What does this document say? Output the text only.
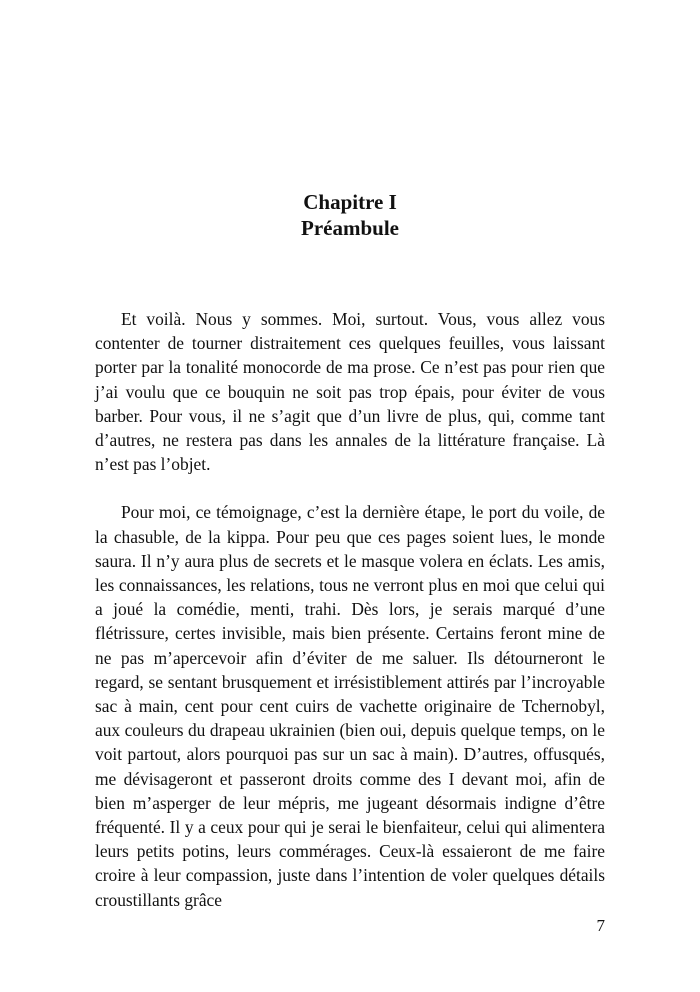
Chapitre I
Préambule

Et voilà. Nous y sommes. Moi, surtout. Vous, vous allez vous contenter de tourner distraitement ces quelques feuilles, vous laissant porter par la tonalité monocorde de ma prose. Ce n’est pas pour rien que j’ai voulu que ce bouquin ne soit pas trop épais, pour éviter de vous barber. Pour vous, il ne s’agit que d’un livre de plus, qui, comme tant d’autres, ne restera pas dans les annales de la littérature française. Là n’est pas l’objet.

Pour moi, ce témoignage, c’est la dernière étape, le port du voile, de la chasuble, de la kippa. Pour peu que ces pages soient lues, le monde saura. Il n’y aura plus de secrets et le masque volera en éclats. Les amis, les connaissances, les relations, tous ne verront plus en moi que celui qui a joué la comédie, menti, trahi. Dès lors, je serais marqué d’une flétrissure, certes invisible, mais bien présente. Certains feront mine de ne pas m’apercevoir afin d’éviter de me saluer. Ils détourneront le regard, se sentant brusquement et irrésistiblement attirés par l’incroyable sac à main, cent pour cent cuirs de vachette originaire de Tchernobyl, aux couleurs du drapeau ukrainien (bien oui, depuis quelque temps, on le voit partout, alors pourquoi pas sur un sac à main). D’autres, offusqués, me dévisageront et passeront droits comme des I devant moi, afin de bien m’asperger de leur mépris, me jugeant désormais indigne d’être fréquenté. Il y a ceux pour qui je serai le bienfaiteur, celui qui alimentera leurs petits potins, leurs commérages. Ceux-là essaieront de me faire croire à leur compassion, juste dans l’intention de voler quelques détails croustillants grâce

7
